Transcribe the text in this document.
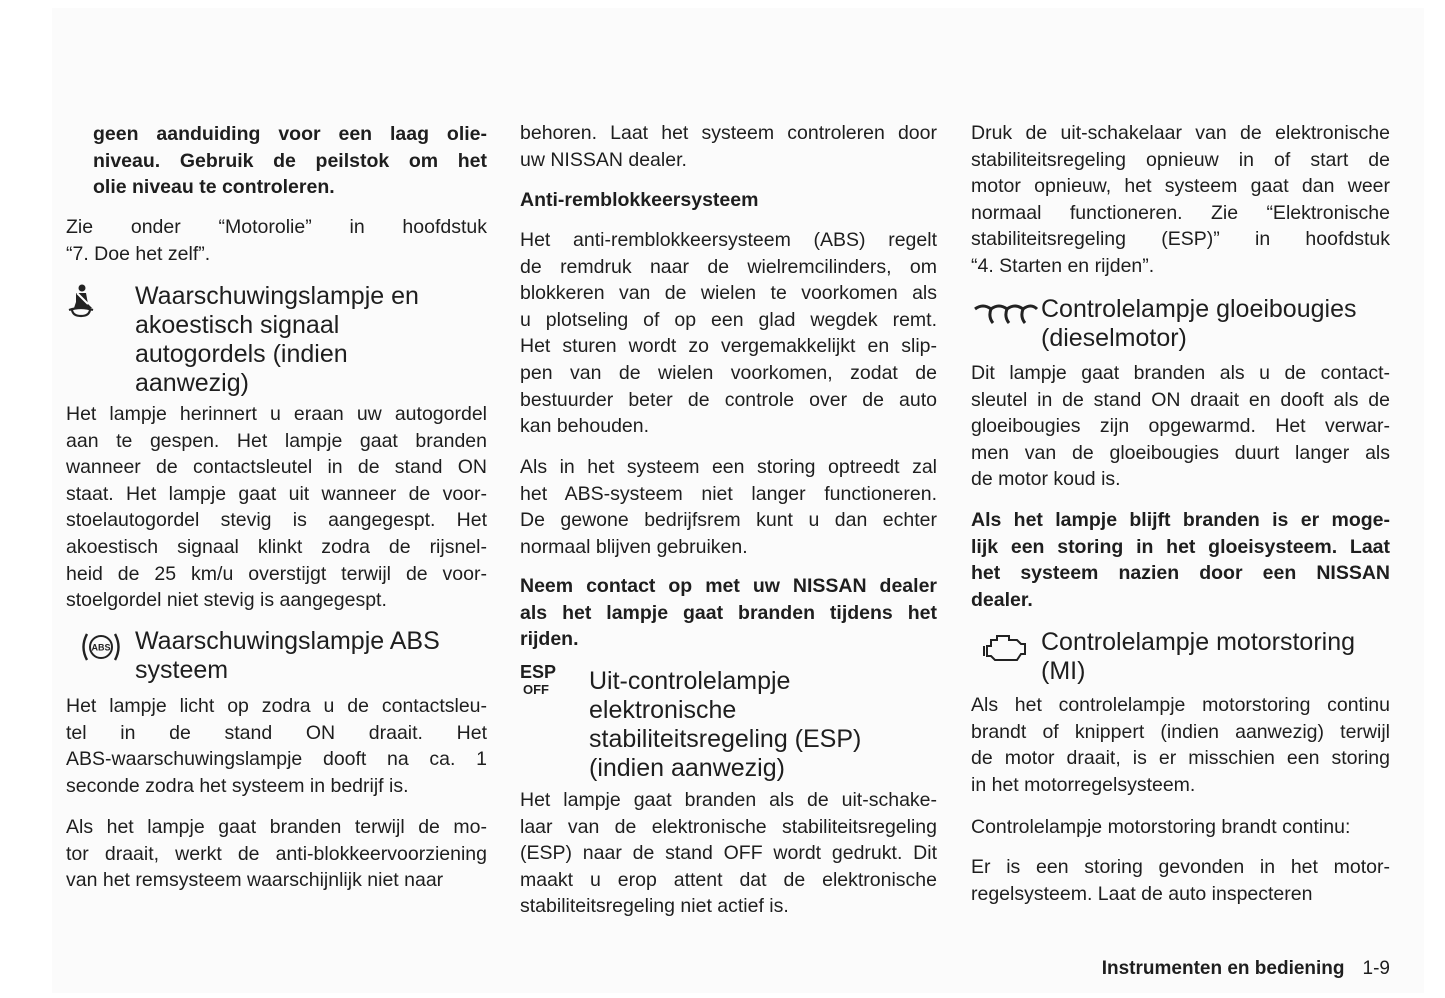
geen aanduiding voor een laag olie-
niveau. Gebruik de peilstok om het
olie niveau te controleren.
Zie onder “Motorolie” in hoofdstuk
“7. Doe het zelf”.
Waarschuwingslampje en
akoestisch signaal
autogordels (indien
aanwezig)
Het lampje herinnert u eraan uw autogordel
aan te gespen. Het lampje gaat branden
wanneer de contactsleutel in de stand ON
staat. Het lampje gaat uit wanneer de voor-
stoelautogordel stevig is aangegespt. Het
akoestisch signaal klinkt zodra de rijsnel-
heid de 25 km/u overstijgt terwijl de voor-
stoelgordel niet stevig is aangegespt.
ABS Waarschuwingslampje ABS
systeem
Het lampje licht op zodra u de contactsleu-
tel in de stand ON draait. Het
ABS-waarschuwingslampje dooft na ca. 1
seconde zodra het systeem in bedrijf is.
Als het lampje gaat branden terwijl de mo-
tor draait, werkt de anti-blokkeervoorziening
van het remsysteem waarschijnlijk niet naar
behoren. Laat het systeem controleren door
uw NISSAN dealer.
Anti-remblokkeersysteem
Het anti-remblokkeersysteem (ABS) regelt
de remdruk naar de wielremcilinders, om
blokkeren van de wielen te voorkomen als
u plotseling of op een glad wegdek remt.
Het sturen wordt zo vergemakkelijkt en slip-
pen van de wielen voorkomen, zodat de
bestuurder beter de controle over de auto
kan behouden.
Als in het systeem een storing optreedt zal
het ABS-systeem niet langer functioneren.
De gewone bedrijfsrem kunt u dan echter
normaal blijven gebruiken.
Neem contact op met uw NISSAN dealer
als het lampje gaat branden tijdens het
rijden.
ESP
OFF Uit-controlelampje
elektronische
stabiliteitsregeling (ESP)
(indien aanwezig)
Het lampje gaat branden als de uit-schake-
laar van de elektronische stabiliteitsregeling
(ESP) naar de stand OFF wordt gedrukt. Dit
maakt u erop attent dat de elektronische
stabiliteitsregeling niet actief is.
Druk de uit-schakelaar van de elektronische
stabiliteitsregeling opnieuw in of start de
motor opnieuw, het systeem gaat dan weer
normaal functioneren. Zie “Elektronische
stabiliteitsregeling (ESP)” in hoofdstuk
“4. Starten en rijden”.
Controlelampje gloeibougies
(dieselmotor)
Dit lampje gaat branden als u de contact-
sleutel in de stand ON draait en dooft als de
gloeibougies zijn opgewarmd. Het verwar-
men van de gloeibougies duurt langer als
de motor koud is.
Als het lampje blijft branden is er moge-
lijk een storing in het gloeisysteem. Laat
het systeem nazien door een NISSAN
dealer.
Controlelampje motorstoring
(MI)
Als het controlelampje motorstoring continu
brandt of knippert (indien aanwezig) terwijl
de motor draait, is er misschien een storing
in het motorregelsysteem.
Controlelampje motorstoring brandt continu:
Er is een storing gevonden in het motor-
regelsysteem. Laat de auto inspecteren
Instrumenten en bediening 1-9
